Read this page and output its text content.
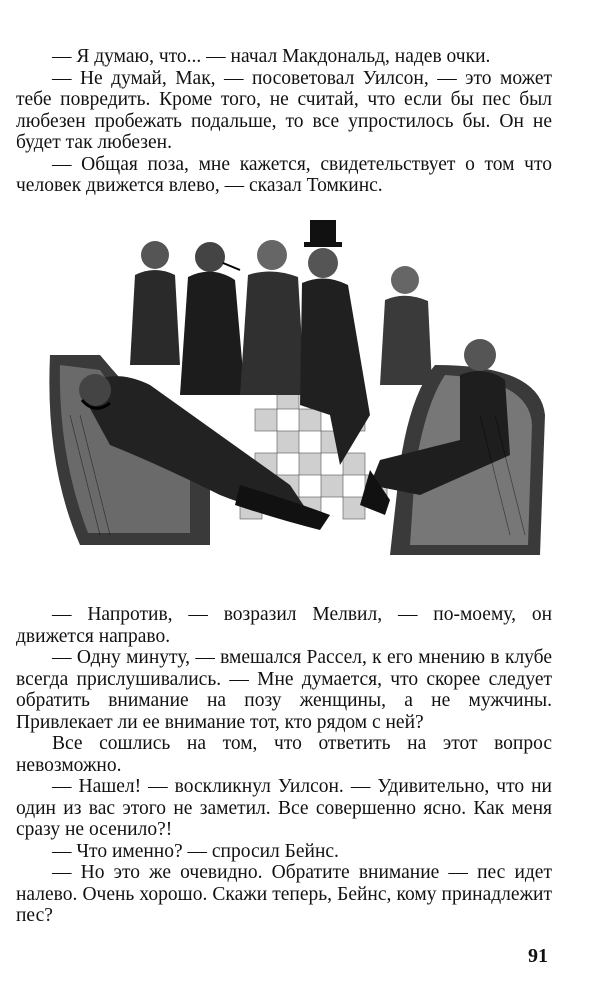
— Я думаю, что... — начал Макдональд, надев очки.

— Не думай, Мак, — посоветовал Уилсон, — это может тебе повредить. Кроме того, не считай, что если бы пес был любезен пробежать подальше, то все упростилось бы. Он не будет так любезен.

— Общая поза, мне кажется, свидетельствует о том что человек движется влево, — сказал Томкинс.

— Напротив, — возразил Мелвил, — по-моему, он движется направо.

— Одну минуту, — вмешался Рассел, к его мнению в клубе всегда прислушивались. — Мне думается, что скорее следует обратить внимание на позу женщины, а не мужчины. Привлекает ли ее внимание тот, кто рядом с ней?

Все сошлись на том, что ответить на этот вопрос невозможно.

— Нашел! — воскликнул Уилсон. — Удивительно, что ни один из вас этого не заметил. Все совершенно ясно. Как меня сразу не осенило?!

— Что именно? — спросил Бейнс.

— Но это же очевидно. Обратите внимание — пес идет налево. Очень хорошо. Скажи теперь, Бейнс, кому принадлежит пес?

91
